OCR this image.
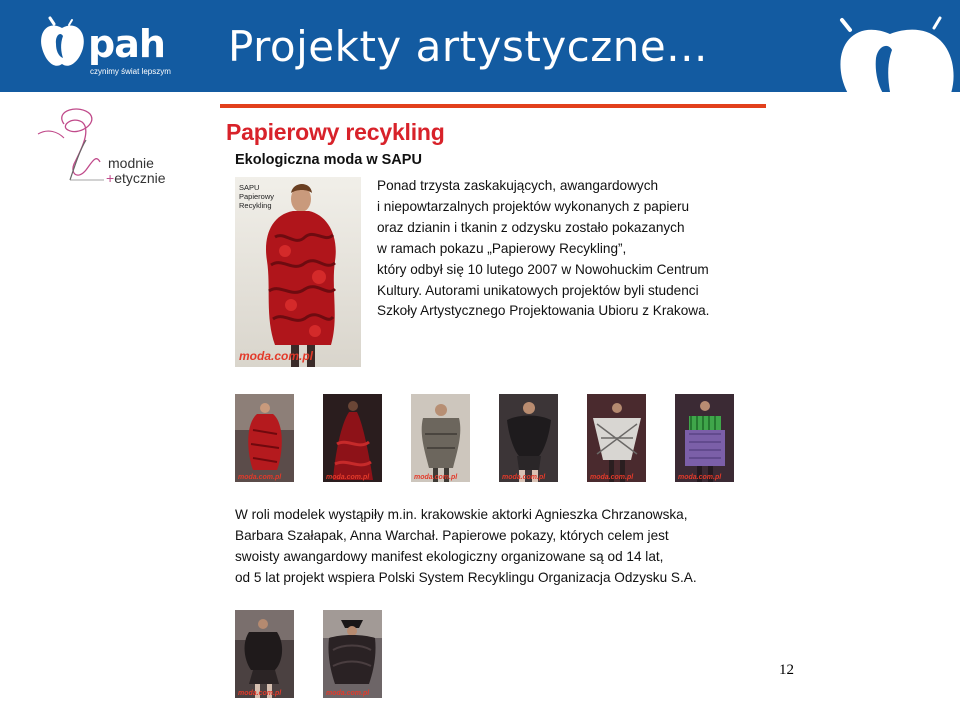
pah
czynimy świat lepszym
Projekty artystyczne...
modnie
+etycznie
Papierowy recykling
Ekologiczna moda w SAPU
SAPU
Papierowy
Recykling
moda.com.pl
Ponad trzysta zaskakujących, awangardowych
i niepowtarzalnych projektów wykonanych z papieru
oraz dzianin i tkanin z odzysku zostało pokazanych
w ramach pokazu „Papierowy Recykling”,
który odbył się 10 lutego 2007 w Nowohuckim Centrum
Kultury. Autorami unikatowych projektów byli studenci
Szkoły Artystycznego Projektowania Ubioru z Krakowa.
moda.com.pl	moda.com.pl	moda.com.pl	moda.com.pl	moda.com.pl	moda.com.pl
W roli modelek wystąpiły m.in. krakowskie aktorki Agnieszka Chrzanowska,
Barbara Szałapak, Anna Warchał. Papierowe pokazy, których celem jest
swoisty awangardowy manifest ekologiczny organizowane są od 14 lat,
od 5 lat projekt wspiera Polski System Recyklingu Organizacja Odzysku S.A.
moda.com.pl	moda.com.pl
12
